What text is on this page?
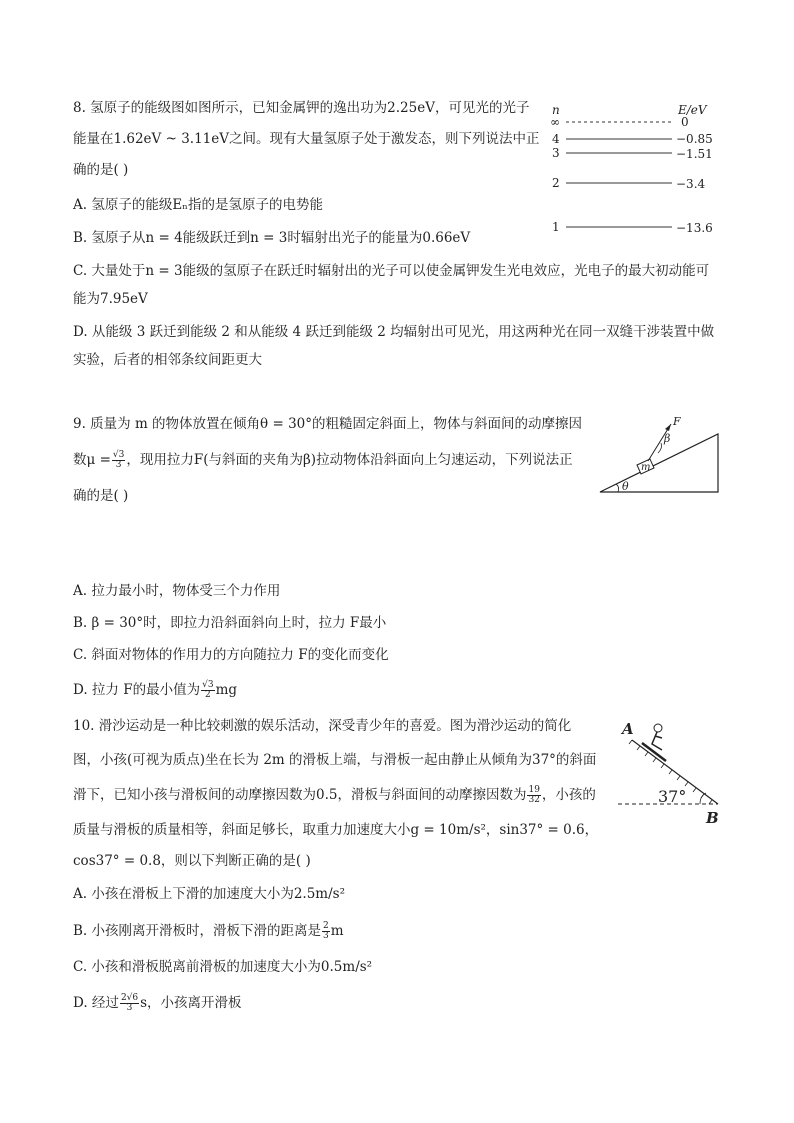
8. 氢原子的能级图如图所示，已知金属钾的逸出功为2.25eV，可见光的光子
能量在1.62eV ~ 3.11eV之间。现有大量氢原子处于激发态，则下列说法中正
确的是( )
A. 氢原子的能级Eₙ指的是氢原子的电势能
B. 氢原子从n = 4能级跃迁到n = 3时辐射出光子的能量为0.66eV
C. 大量处于n = 3能级的氢原子在跃迁时辐射出的光子可以使金属钾发生光电效应，光电子的最大初动能可
能为7.95eV
D. 从能级 3 跃迁到能级 2 和从能级 4 跃迁到能级 2 均辐射出可见光，用这两种光在同一双缝干涉装置中做
实验，后者的相邻条纹间距更大
n	E/eV
∞	0
4	−0.85
3	−1.51
2	−3.4
1	−13.6
9. 质量为 m 的物体放置在倾角θ = 30°的粗糙固定斜面上，物体与斜面间的动摩擦因
数$\mu = \frac{√3}{3}$ ，现用拉力F(与斜面的夹角为β)拉动物体沿斜面向上匀速运动，下列说法正
确的是( )
m
F
β
θ
A. 拉力最小时，物体受三个力作用
B. β = 30°时，即拉力沿斜面斜向上时，拉力 F最小
C. 斜面对物体的作用力的方向随拉力 F的变化而变化
D. 拉力 F的最小值为 $\frac{√3}{2}$ mg
10. 滑沙运动是一种比较刺激的娱乐活动，深受青少年的喜爱。图为滑沙运动的简化
图，小孩(可视为质点)坐在长为 2m 的滑板上端，与滑板一起由静止从倾角为37°的斜面
滑下，已知小孩与滑板间的动摩擦因数为0.5，滑板与斜面间的动摩擦因数为 $\frac{19}{32}$ ，小孩的
质量与滑板的质量相等，斜面足够长，取重力加速度大小g = 10m/s²，sin37° = 0.6，
cos37° = 0.8，则以下判断正确的是( )
A
37°
B
A. 小孩在滑板上下滑的加速度大小为2.5m/s²
B. 小孩刚离开滑板时，滑板下滑的距离是 $\frac{2}{3}$ m
C. 小孩和滑板脱离前滑板的加速度大小为0.5m/s²
D. 经过 $\frac{2√6}{3}$ s，小孩离开滑板
